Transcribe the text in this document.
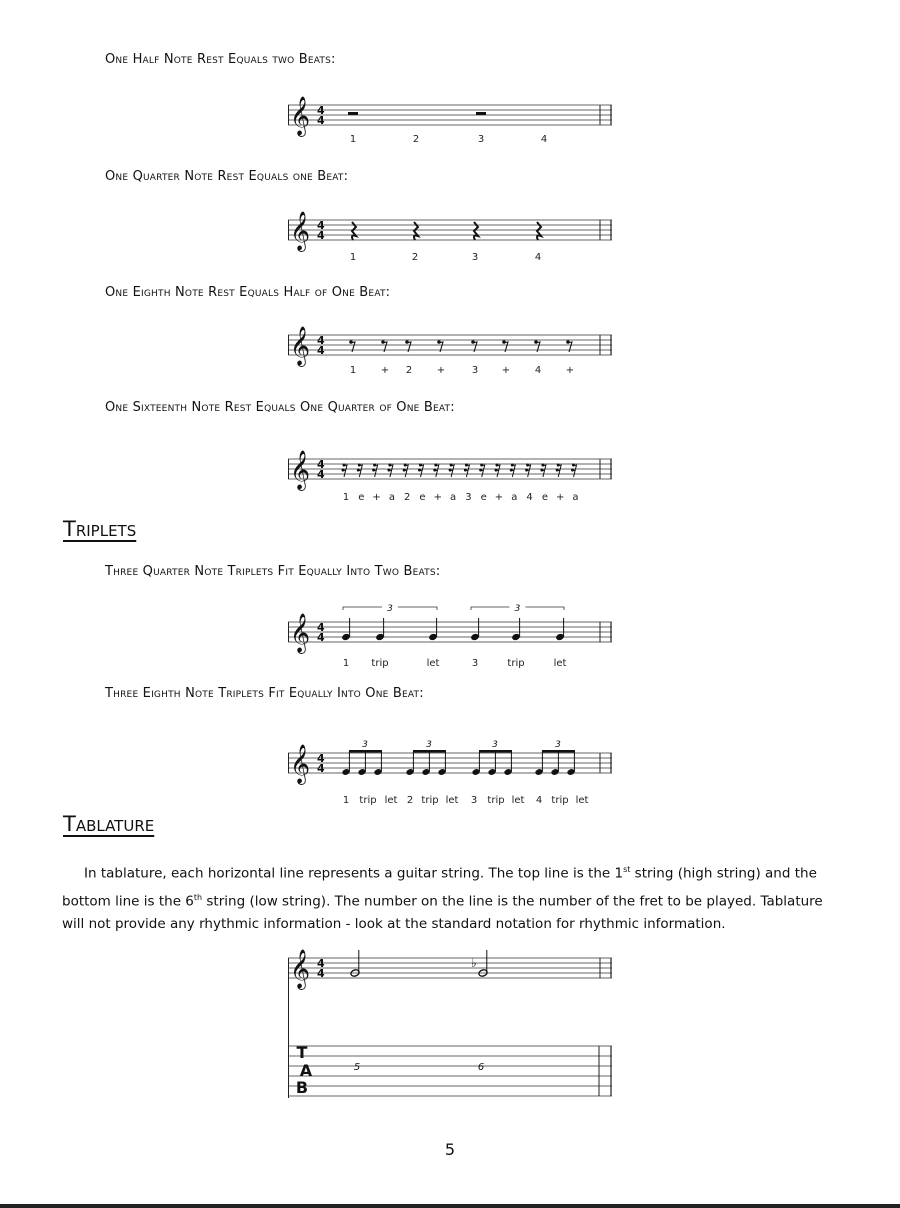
One Half Note Rest Equals two Beats:
One Quarter Note Rest Equals one Beat:
One Eighth Note Rest Equals Half of One Beat:
One Sixteenth Note Rest Equals One Quarter of One Beat:
Triplets
Three Quarter Note Triplets Fit Equally Into Two Beats:
Three Eighth Note Triplets Fit Equally Into One Beat:
Tablature
In tablature, each horizontal line represents a guitar string. The top line is the 1st string (high string) and the bottom line is the 6th string (low string). The number on the line is the number of the fret to be played. Tablature will not provide any rhythmic information - look at the standard notation for rhythmic information.
𝄞 4
4
1	2	3	4
𝄞 4
4
1	2	3	4
𝄞 4
4
1 + 2 +	3 + 4 +
𝄞 4
4
1 e + a 2 e + a 3 e + a 4 e + a
𝄞 4
4
3	3
1 trip	let	3	trip	let
𝄞 4
4
3	3	3	3
1 trip let 2 trip let 3 trip let 4 trip let
𝄞 4
4
♭
T
A
B
5	6
5
